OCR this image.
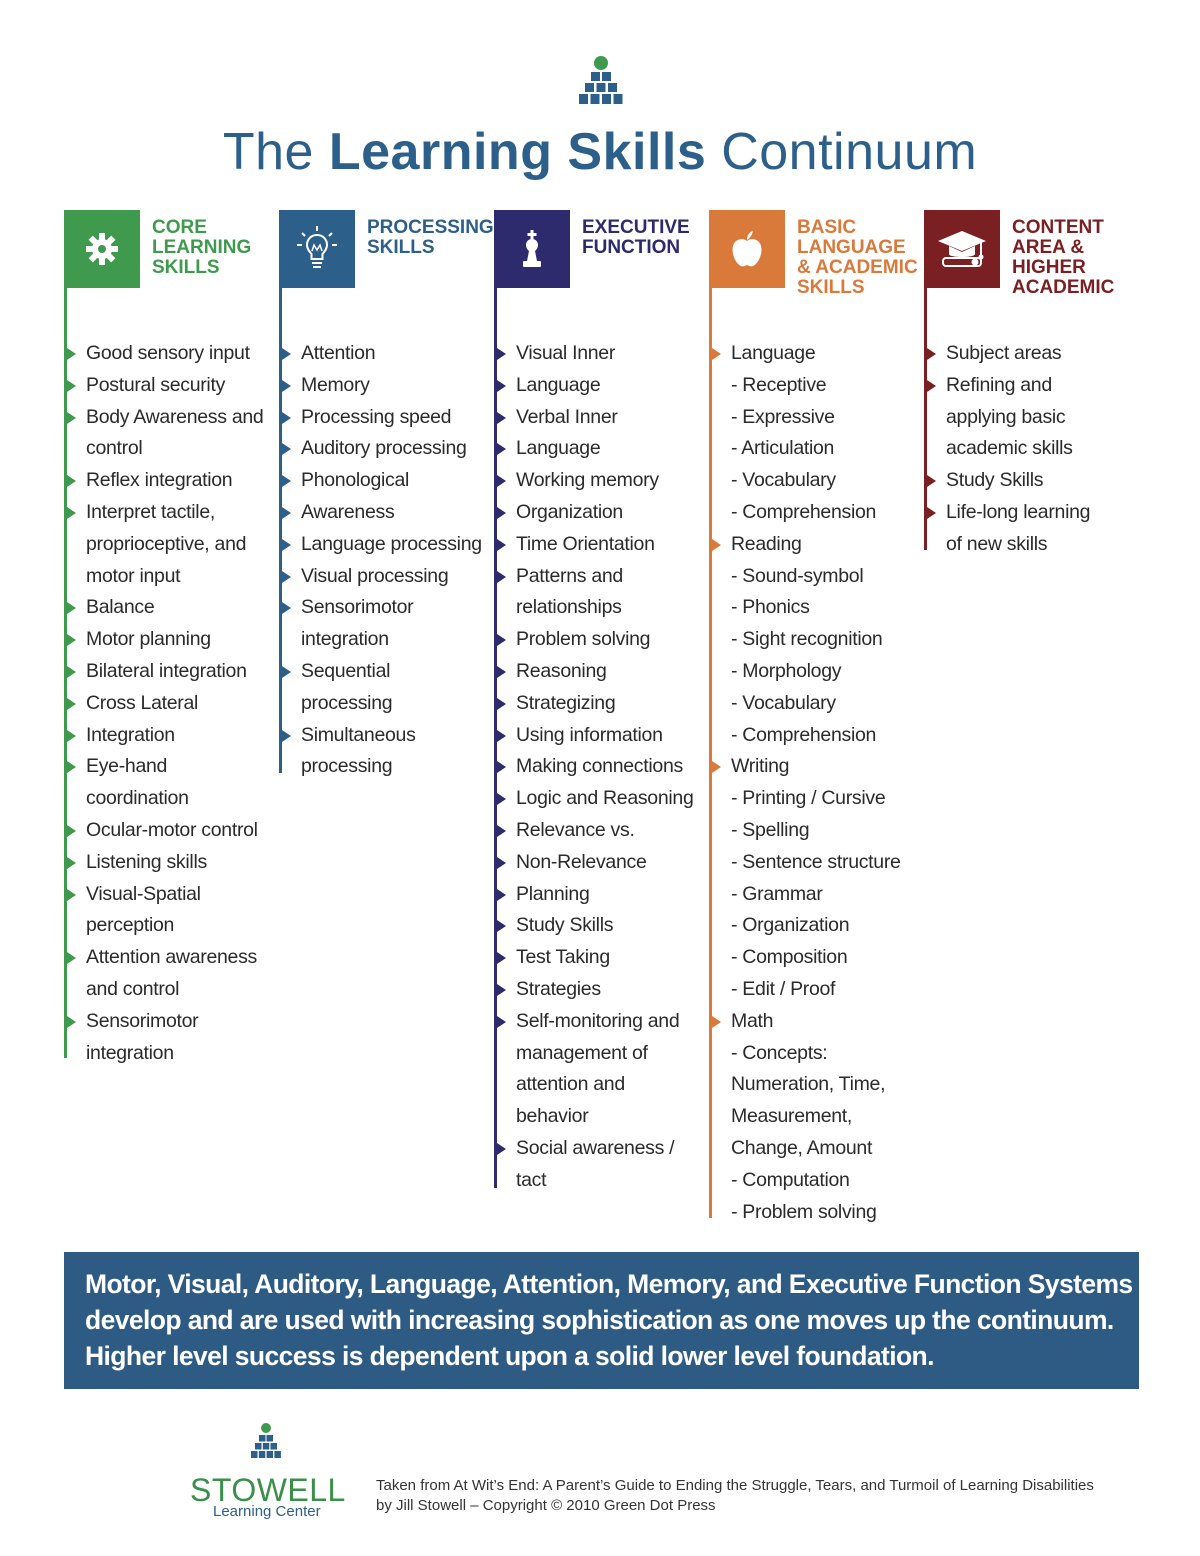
The Learning Skills Continuum
CORE
LEARNING
SKILLS
Good sensory input
Postural security
Body Awareness and
control
Reflex integration
Interpret tactile,
proprioceptive, and
motor input
Balance
Motor planning
Bilateral integration
Cross Lateral
Integration
Eye-hand
coordination
Ocular-motor control
Listening skills
Visual-Spatial
perception
Attention awareness
and control
Sensorimotor
integration
PROCESSING
SKILLS
Attention
Memory
Processing speed
Auditory processing
Phonological
Awareness
Language processing
Visual processing
Sensorimotor
integration
Sequential
processing
Simultaneous
processing
EXECUTIVE
FUNCTION
Visual Inner
Language
Verbal Inner
Language
Working memory
Organization
Time Orientation
Patterns and
relationships
Problem solving
Reasoning
Strategizing
Using information
Making connections
Logic and Reasoning
Relevance vs.
Non-Relevance
Planning
Study Skills
Test Taking
Strategies
Self-monitoring and
management of
attention and
behavior
Social awareness /
tact
BASIC
LANGUAGE
& ACADEMIC
SKILLS
Language
- Receptive
- Expressive
- Articulation
- Vocabulary
- Comprehension
Reading
- Sound-symbol
- Phonics
- Sight recognition
- Morphology
- Vocabulary
- Comprehension
Writing
- Printing / Cursive
- Spelling
- Sentence structure
- Grammar
- Organization
- Composition
- Edit / Proof
Math
- Concepts:
Numeration, Time,
Measurement,
Change, Amount
- Computation
- Problem solving
CONTENT
AREA &
HIGHER
ACADEMIC
Subject areas
Refining and
applying basic
academic skills
Study Skills
Life-long learning
of new skills
Motor, Visual, Auditory, Language, Attention, Memory, and Executive Function Systems
develop and are used with increasing sophistication as one moves up the continuum.
Higher level success is dependent upon a solid lower level foundation.
STOWELL
Learning Center
Taken from At Wit’s End: A Parent’s Guide to Ending the Struggle, Tears, and Turmoil of Learning Disabilities
by Jill Stowell – Copyright © 2010 Green Dot Press
